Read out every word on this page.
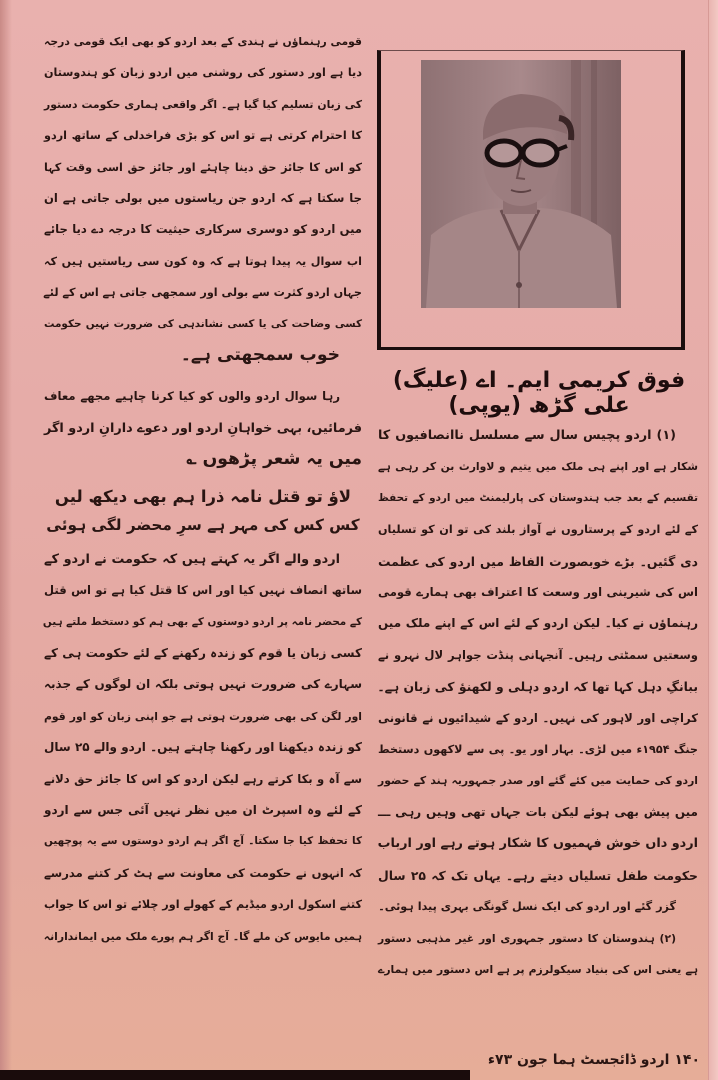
قومی رہنماؤں نے ہندی کے بعد اردو کو بھی ایک قومی درجہ
دیا ہے اور دستور کی روشنی میں اردو زبان کو ہندوستان
کی زبان تسلیم کیا گیا ہے۔ اگر واقعی ہماری حکومت دستور
کا احترام کرتی ہے تو اس کو بڑی فراخدلی کے ساتھ اردو
کو اس کا جائز حق دینا چاہئے اور جائز حق اسی وقت کہا
جا سکتا ہے کہ اردو جن ریاستوں میں بولی جاتی ہے ان
میں اردو کو دوسری سرکاری حیثیت کا درجہ دے دیا جائے
اب سوال یہ پیدا ہوتا ہے کہ وہ کون سی ریاستیں ہیں کہ
جہاں اردو کثرت سے بولی اور سمجھی جاتی ہے اس کے لئے
کسی وضاحت کی یا کسی نشاندہی کی ضرورت نہیں حکومت
خوب سمجھتی ہے۔

رہا سوال اردو والوں کو کیا کرنا چاہیے مجھے معاف
فرمائیں، بہی خواہانِ اردو اور دعوے دارانِ اردو اگر
میں یہ شعر پڑھوں ؎

لاؤ تو قتل نامہ ذرا ہم بھی دیکھ لیں
کس کس کی مہر ہے سرِ محضر لگی ہوئی

اردو والے اگر یہ کہتے ہیں کہ حکومت نے اردو کے
ساتھ انصاف نہیں کیا اور اس کا قتل کیا ہے تو اس قتل
کے محضر نامہ پر اردو دوستوں کے بھی ہم کو دستخط ملتے ہیں
کسی زبان یا قوم کو زندہ رکھنے کے لئے حکومت ہی کے
سہارے کی ضرورت نہیں ہوتی بلکہ ان لوگوں کے جذبہ
اور لگن کی بھی ضرورت ہوتی ہے جو اپنی زبان کو اور قوم
کو زندہ دیکھنا اور رکھنا چاہتے ہیں۔ اردو والے ۲۵ سال
سے آہ و بکا کرتے رہے لیکن اردو کو اس کا جائز حق دلانے
کے لئے وہ اسپرٹ ان میں نظر نہیں آئی جس سے اردو
کا تحفظ کیا جا سکتا۔ آج اگر ہم اردو دوستوں سے یہ پوچھیں
کہ انہوں نے حکومت کی معاونت سے ہٹ کر کتنے مدرسے
کتنے اسکول اردو میڈیم کے کھولے اور چلائے تو اس کا جواب
ہمیں مایوس کن ملے گا۔ آج اگر ہم پورے ملک میں ایماندارانہ

فوق کریمی ایم۔ اے (علیگ) علی گڑھ (یوپی)

(۱) اردو پچیس سال سے مسلسل ناانصافیوں کا
شکار ہے اور اپنے ہی ملک میں یتیم و لاوارث بن کر رہی ہے
تقسیم کے بعد جب ہندوستان کی پارلیمنٹ میں اردو کے تحفظ
کے لئے اردو کے پرستاروں نے آواز بلند کی تو ان کو تسلیاں
دی گئیں۔ بڑے خوبصورت الفاظ میں اردو کی عظمت
اس کی شیرینی اور وسعت کا اعتراف بھی ہمارے قومی
رہنماؤں نے کیا۔ لیکن اردو کے لئے اس کے اپنے ملک میں
وسعتیں سمٹتی رہیں۔ آنجہانی پنڈت جواہر لال نہرو نے
ببانگِ دہل کہا تھا کہ اردو دہلی و لکھنؤ کی زبان ہے۔
کراچی اور لاہور کی نہیں۔ اردو کے شیدائیوں نے قانونی
جنگ ۱۹۵۴ء میں لڑی۔ بہار اور یو۔ پی سے لاکھوں دستخط
اردو کی حمایت میں کئے گئے اور صدر جمہوریہ ہند کے حضور
میں پیش بھی ہوئے لیکن بات جہاں تھی وہیں رہی ـــ
اردو داں خوش فہمیوں کا شکار ہوتے رہے اور ارباب
حکومت طفل تسلیاں دیتے رہے۔ یہاں تک کہ ۲۵ سال
گزر گئے اور اردو کی ایک نسل گونگی بہری پیدا ہوئی۔

(۲) ہندوستان کا دستور جمہوری اور غیر مذہبی دستور
ہے یعنی اس کی بنیاد سیکولرزم پر ہے اس دستور میں ہمارے

۱۴۰ اردو ڈائجسٹ ہما جون ۷۳ء
